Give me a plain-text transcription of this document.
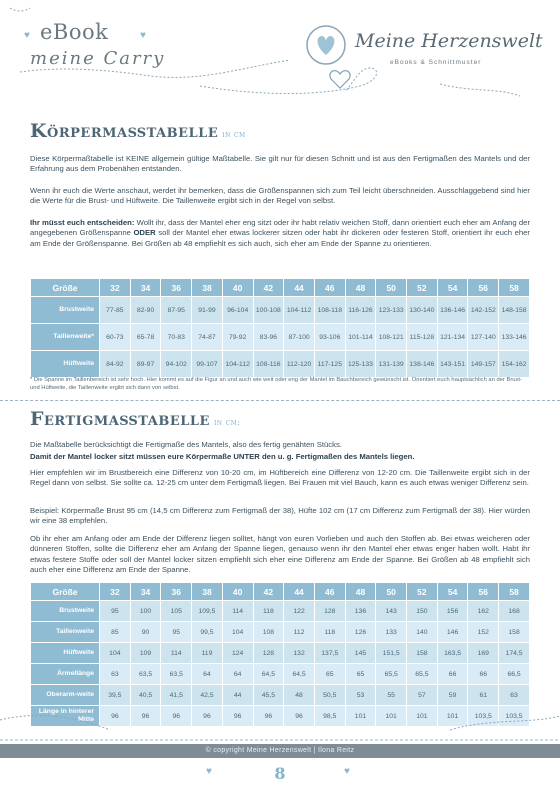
♥	♥
eBook
meine Carry
Meine Herzenswelt
eBooks & Schnittmuster
Körpermaßtabelle in cm
Diese Körpermaßtabelle ist KEINE allgemein gültige Maßtabelle. Sie gilt nur für diesen Schnitt und ist aus den Fertigmaßen des Mantels und der Erfahrung aus dem Probenähen entstanden.
Wenn ihr euch die Werte anschaut, werdet ihr bemerken, dass die Größenspannen sich zum Teil leicht überschneiden. Ausschlaggebend sind hier die Werte für die Brust- und Hüftweite. Die Taillenweite ergibt sich in der Regel von selbst.
Ihr müsst euch entscheiden: Wollt ihr, dass der Mantel eher eng sitzt oder ihr habt relativ weichen Stoff, dann orientiert euch eher am Anfang der angegebenen Größenspanne ODER soll der Mantel eher etwas lockerer sitzen oder habt ihr dickeren oder festeren Stoff, orientiert ihr euch eher am Ende der Größenspanne. Bei Größen ab 48 empfiehlt es sich auch, sich eher am Ende der Spanne zu orientieren.
Größe	32	34	36	38	40	42	44	46	48	50	52	54	56	58
Brustweite	77-85	82-90	87-95	91-99	96-104	100-108	104-112	108-118	116-126	123-133	130-140	136-146	142-152	148-158
Taillenweite*	60-73	65-78	70-83	74-87	79-92	83-96	87-100	93-106	101-114	108-121	115-128	121-134	127-140	133-146
Hüftweite	84-92	89-97	94-102	99-107	104-112	108-116	112-120	117-125	125-133	131-139	138-146	143-151	149-157	154-162
* Die Spanne im Taillenbereich ist sehr hoch. Hier kommt es auf die Figur an und auch wie weit oder eng der Mantel im Bauchbereich gewünscht ist. Orientiert euch hauptsächlich an der Brust- und Hüftweite, die Taillenweite ergibt sich dann von selbst.
Fertigmaßtabelle in cm:
Die Maßtabelle berücksichtigt die Fertigmaße des Mantels, also des fertig genähten Stücks.
Damit der Mantel locker sitzt müssen eure Körpermaße UNTER den u. g. Fertigmaßen des Mantels liegen.
Hier empfehlen wir im Brustbereich eine Differenz von 10-20 cm, im Hüftbereich eine Differenz von 12-20 cm. Die Taillenweite ergibt sich in der Regel dann von selbst. Sie sollte ca. 12-25 cm unter dem Fertigmaß liegen. Bei Frauen mit viel Bauch, kann es auch etwas weniger Differenz sein.
Beispiel: Körpermaße Brust 95 cm (14,5 cm Differenz zum Fertigmaß der 38), Hüfte 102 cm (17 cm Differenz zum Fertigmaß der 38). Hier würden wir eine 38 empfehlen.
Ob ihr eher am Anfang oder am Ende der Differenz liegen solltet, hängt von euren Vorlieben und auch den Stoffen ab. Bei etwas weicheren oder dünneren Stoffen, sollte die Differenz eher am Anfang der Spanne liegen, genauso wenn ihr den Mantel eher etwas enger haben wollt. Habt ihr etwas festere Stoffe oder soll der Mantel locker sitzen empfiehlt sich eher eine Differenz am Ende der Spanne. Bei Größen ab 48 empfiehlt sich auch eher eine Differenz am Ende der Spanne.
Größe	32	34	36	38	40	42	44	46	48	50	52	54	56	58
Brustweite	95	100	105	109,5	114	118	122	128	136	143	150	156	162	168
Taillenweite	85	90	95	99,5	104	108	112	118	126	133	140	146	152	158
Hüftweite	104	109	114	119	124	128	132	137,5	145	151,5	158	163,5	169	174,5
Ärmellänge	63	63,5	63,5	64	64	64,5	64,5	65	65	65,5	65,5	66	66	66,5
Oberarm-weite	39,5	40,5	41,5	42,5	44	45,5	48	50,5	53	55	57	59	61	63
Länge in hinterer Mitte	96	96	96	96	96	96	96	98,5	101	101	101	101	103,5	103,5
© copyright Meine Herzenswelt | Ilona Reitz
♥	♥
8
